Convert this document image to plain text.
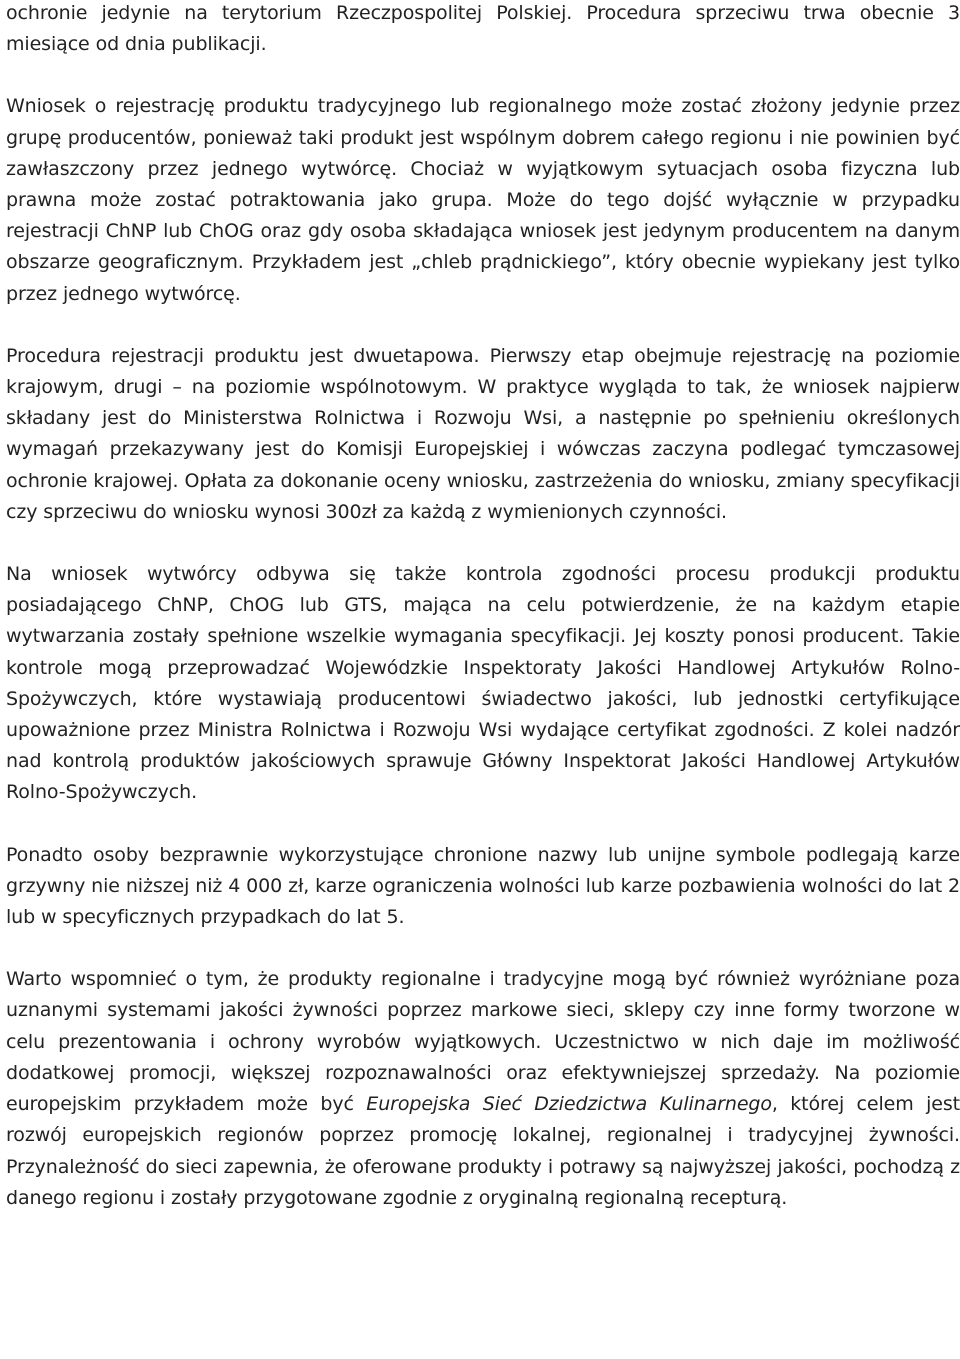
ochronie jedynie na terytorium Rzeczpospolitej Polskiej. Procedura sprzeciwu trwa obecnie 3 miesiące od dnia publikacji.

Wniosek o rejestrację produktu tradycyjnego lub regionalnego może zostać złożony jedynie przez grupę producentów, ponieważ taki produkt jest wspólnym dobrem całego regionu i nie powinien być zawłaszczony przez jednego wytwórcę. Chociaż w wyjątkowym sytuacjach osoba fizyczna lub prawna może zostać potraktowania jako grupa. Może do tego dojść wyłącznie w przypadku rejestracji ChNP lub ChOG oraz gdy osoba składająca wniosek jest jedynym producentem na danym obszarze geograficznym. Przykładem jest „chleb prądnickiego”, który obecnie wypiekany jest tylko przez jednego wytwórcę.

Procedura rejestracji produktu jest dwuetapowa. Pierwszy etap obejmuje rejestrację na poziomie krajowym, drugi – na poziomie wspólnotowym. W praktyce wygląda to tak, że wniosek najpierw składany jest do Ministerstwa Rolnictwa i Rozwoju Wsi, a następnie po spełnieniu określonych wymagań przekazywany jest do Komisji Europejskiej i wówczas zaczyna podlegać tymczasowej ochronie krajowej. Opłata za dokonanie oceny wniosku, zastrzeżenia do wniosku, zmiany specyfikacji czy sprzeciwu do wniosku wynosi 300zł za każdą z wymienionych czynności.

Na wniosek wytwórcy odbywa się także kontrola zgodności procesu produkcji produktu posiadającego ChNP, ChOG lub GTS, mająca na celu potwierdzenie, że na każdym etapie wytwarzania zostały spełnione wszelkie wymagania specyfikacji. Jej koszty ponosi producent. Takie kontrole mogą przeprowadzać Wojewódzkie Inspektoraty Jakości Handlowej Artykułów Rolno-Spożywczych, które wystawiają producentowi świadectwo jakości, lub jednostki certyfikujące upoważnione przez Ministra Rolnictwa i Rozwoju Wsi wydające certyfikat zgodności. Z kolei nadzór nad kontrolą produktów jakościowych sprawuje Główny Inspektorat Jakości Handlowej Artykułów Rolno-Spożywczych.

Ponadto osoby bezprawnie wykorzystujące chronione nazwy lub unijne symbole podlegają karze grzywny nie niższej niż 4 000 zł, karze ograniczenia wolności lub karze pozbawienia wolności do lat 2 lub w specyficznych przypadkach do lat 5.

Warto wspomnieć o tym, że produkty regionalne i tradycyjne mogą być również wyróżniane poza uznanymi systemami jakości żywności poprzez markowe sieci, sklepy czy inne formy tworzone w celu prezentowania i ochrony wyrobów wyjątkowych. Uczestnictwo w nich daje im możliwość dodatkowej promocji, większej rozpoznawalności oraz efektywniejszej sprzedaży. Na poziomie europejskim przykładem może być Europejska Sieć Dziedzictwa Kulinarnego, której celem jest rozwój europejskich regionów poprzez promocję lokalnej, regionalnej i tradycyjnej żywności. Przynależność do sieci zapewnia, że oferowane produkty i potrawy są najwyższej jakości, pochodzą z danego regionu i zostały przygotowane zgodnie z oryginalną regionalną recepturą.
